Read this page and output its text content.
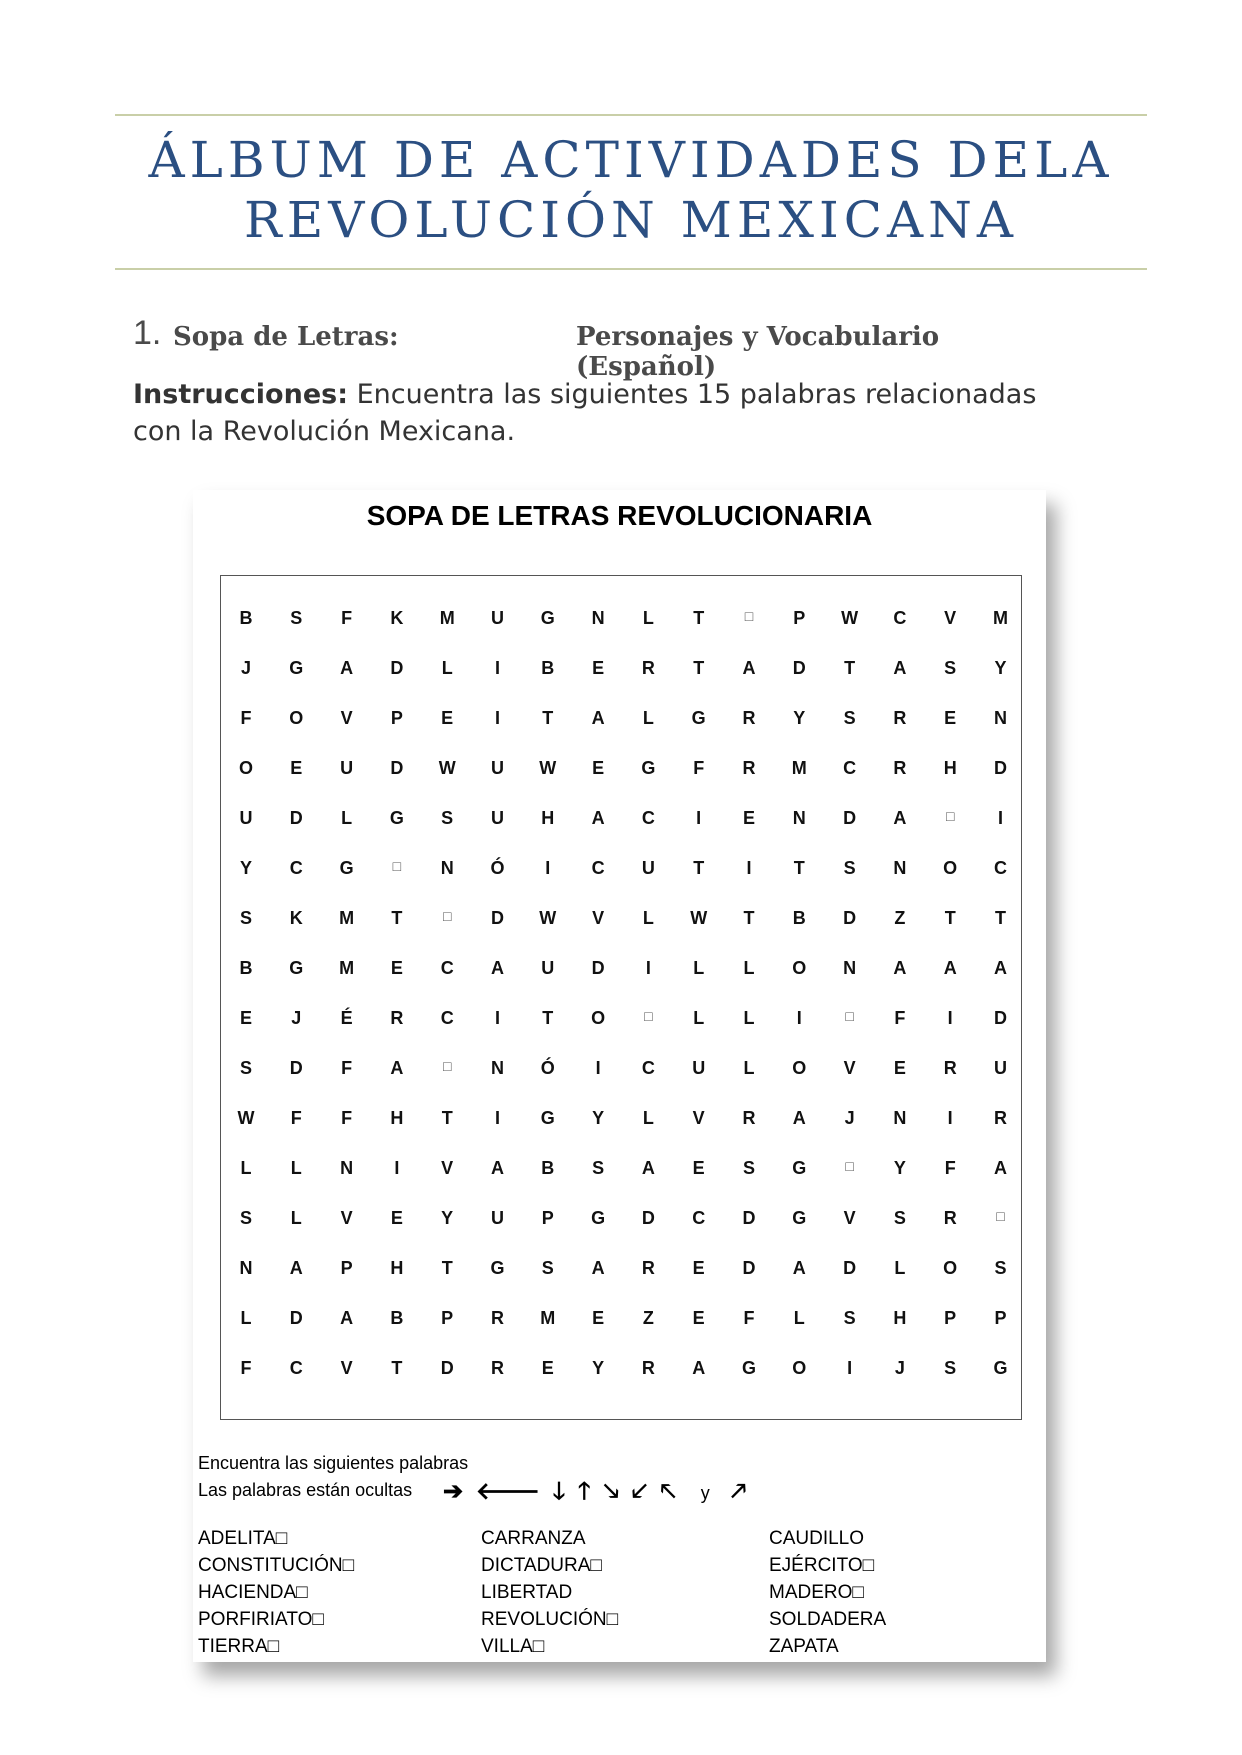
ÁLBUM DE ACTIVIDADES DELA
REVOLUCIÓN MEXICANA
1. Sopa de Letras:	Personajes y Vocabulario (Español)
Instrucciones: Encuentra las siguientes 15 palabras relacionadas con la Revolución Mexicana.
SOPA DE LETRAS REVOLUCIONARIA
B	S	F	K	M	U	G	N	L	T	□	P	W	C	V	M
J	G	A	D	L	I	B	E	R	T	A	D	T	A	S	Y
F	O	V	P	E	I	T	A	L	G	R	Y	S	R	E	N
O	E	U	D	W	U	W	E	G	F	R	M	C	R	H	D
U	D	L	G	S	U	H	A	C	I	E	N	D	A	□	I
Y	C	G	□	N	Ó	I	C	U	T	I	T	S	N	O	C
S	K	M	T	□	D	W	V	L	W	T	B	D	Z	T	T
B	G	M	E	C	A	U	D	I	L	L	O	N	A	A	A
E	J	É	R	C	I	T	O	□	L	L	I	□	F	I	D
S	D	F	A	□	N	Ó	I	C	U	L	O	V	E	R	U
W	F	F	H	T	I	G	Y	L	V	R	A	J	N	I	R
L	L	N	I	V	A	B	S	A	E	S	G	□	Y	F	A
S	L	V	E	Y	U	P	G	D	C	D	G	V	S	R	□
N	A	P	H	T	G	S	A	R	E	D	A	D	L	O	S
L	D	A	B	P	R	M	E	Z	E	F	L	S	H	P	P
F	C	V	T	D	R	E	Y	R	A	G	O	I	J	S	G
Encuentra las siguientes palabras
Las palabras están ocultas ➔ 🡐 🡓 🡑 🡖 🡗 🡔 y 🡕
ADELITA□
CONSTITUCIÓN□
HACIENDA□
PORFIRIATO□
TIERRA□
CARRANZA
DICTADURA□
LIBERTAD
REVOLUCIÓN□
VILLA□
CAUDILLO
EJÉRCITO□
MADERO□
SOLDADERA
ZAPATA
